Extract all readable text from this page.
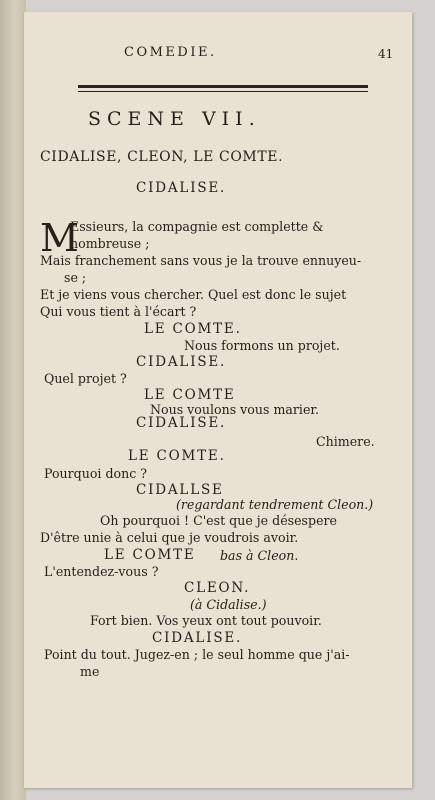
COMEDIE.	41
SCENE VII.
CIDALISE, CLEON, LE COMTE.
CIDALISE.
M
Essieurs, la compagnie est complette &
nombreuse ;
Mais franchement sans vous je la trouve ennuyeu-
se ;
Et je viens vous chercher. Quel est donc le sujet
Qui vous tient à l'écart ?
LE COMTE.
Nous formons un projet.
CIDALISE.
Quel projet ?
LE COMTE
Nous voulons vous marier.
CIDALISE.
Chimere.
LE COMTE.
Pourquoi donc ?
CIDALLSE
(regardant tendrement Cleon.)
Oh pourquoi ! C'est que je désespere
D'être unie à celui que je voudrois avoir.
LE COMTE bas à Cleon.
L'entendez-vous ?
CLEON.
(à Cidalise.)
Fort bien. Vos yeux ont tout pouvoir.
CIDALISE.
Point du tout. Jugez-en ; le seul homme que j'ai-
me
